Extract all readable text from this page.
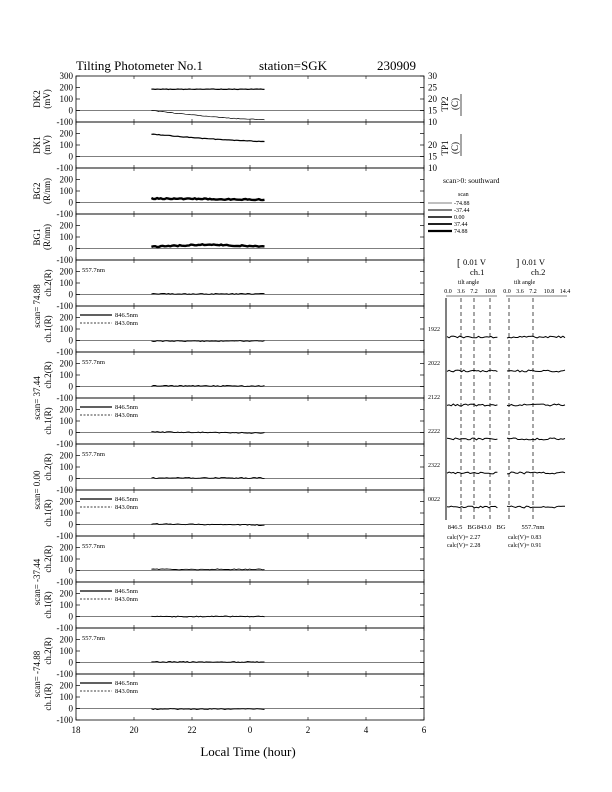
Tilting Photometer No.1	station=SGK	230909
300
200
100
0
-100
DK2 (mV)
200
100
0
-100
DK1 (mV)
200
100
0
-100
BG2 (R/nm)
200
100
0
-100
BG1 (R/nm)
200
100
0
-100
ch.2(R)	557.7nm
200
100
0
-100
ch.1(R)	846.5nm
843.0nm
200
100
0
-100
ch.2(R)	557.7nm
200
100
0
-100
ch.1(R)	846.5nm
843.0nm
200
100
0
-100
ch.2(R)	557.7nm
200
100
0
-100
ch.1(R)	846.5nm
843.0nm
200
100
0
-100
ch.2(R)	557.7nm
200
100
0
-100
ch.1(R)	846.5nm
843.0nm
200
100
0
-100
ch.2(R)	557.7nm
200
100
0
-100
ch.1(R)	846.5nm
843.0nm
scan= 74.88
scan= 37.44
scan= 0.00
scan= -37.44
scan= -74.88
30
25
20
15
10
20
15
10
TP2 (C)
TP1 (C)
scan>0: southward
scan
-74.88
-37.44
0.00
37.44
74.88
[ 0.01 V	] 0.01 V
ch.1	ch.2
tilt angle	tilt angle
0.0 3.6 7.2 10.8 0.0 3.6 7.2 10.8 14.4
1922
2022
2122
2222
2322
0022
846.5 BG 843.0 BG 557.7nm
calc(V)= 2.27
calc(V)= 2.28
calc(V)= 0.83
calc(V)= 0.91
18	20	22	0	2	4	6
Local Time (hour)
